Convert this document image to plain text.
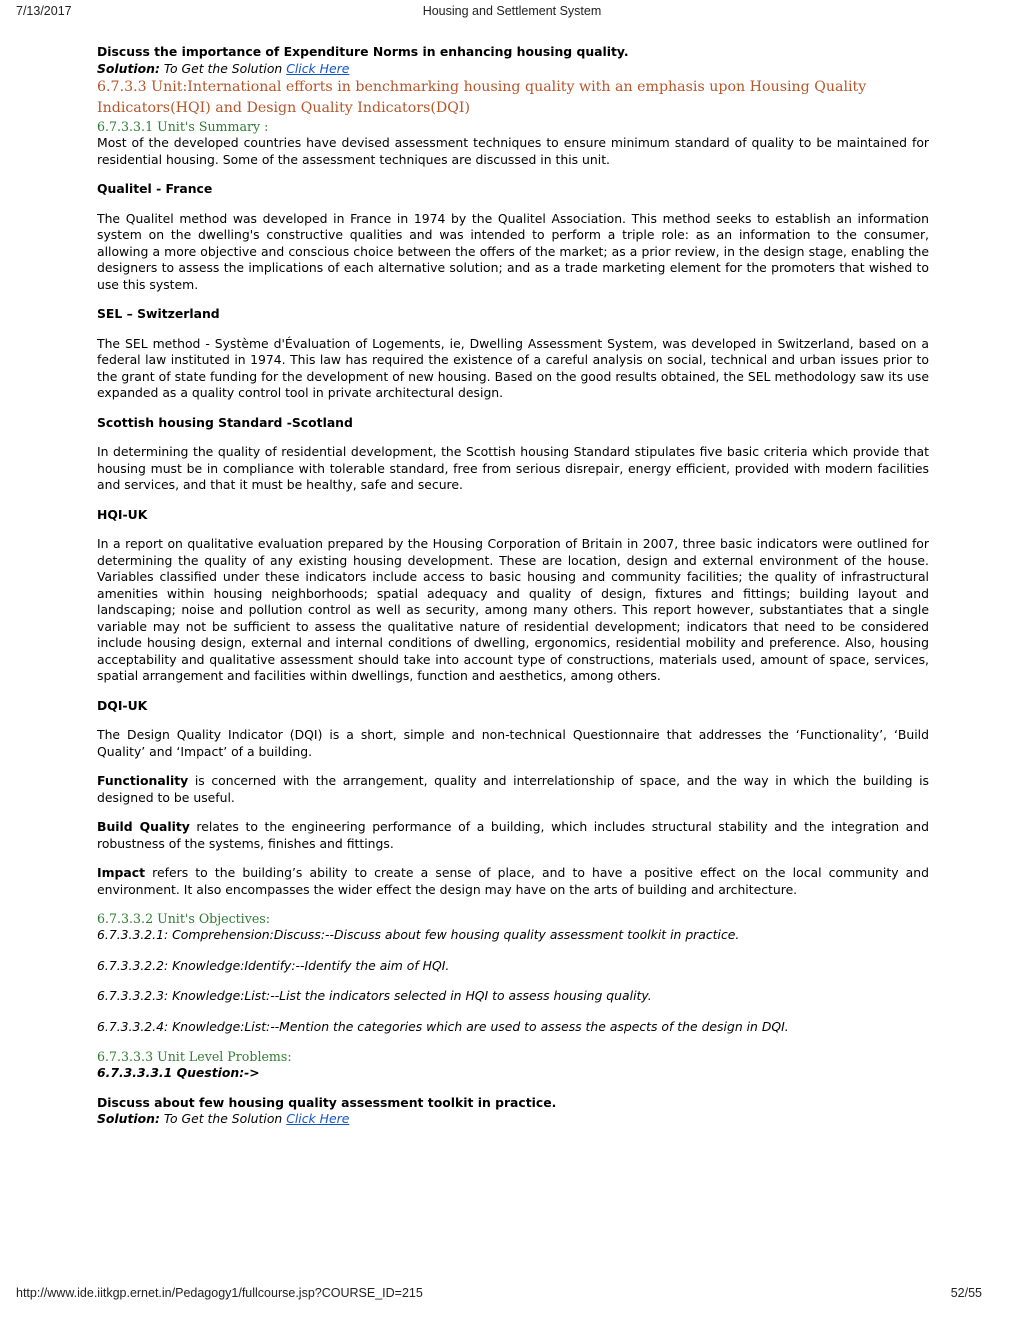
7/13/2017	Housing and Settlement System

Discuss the importance of Expenditure Norms in enhancing housing quality.

Solution: To Get the Solution Click Here

6.7.3.3 Unit:International efforts in benchmarking housing quality with an emphasis upon Housing Quality Indicators(HQI) and Design Quality Indicators(DQI)

6.7.3.3.1 Unit's Summary :

Most of the developed countries have devised assessment techniques to ensure minimum standard of quality to be maintained for residential housing. Some of the assessment techniques are discussed in this unit.

Qualitel - France

The Qualitel method was developed in France in 1974 by the Qualitel Association. This method seeks to establish an information system on the dwelling's constructive qualities and was intended to perform a triple role: as an information to the consumer, allowing a more objective and conscious choice between the offers of the market; as a prior review, in the design stage, enabling the designers to assess the implications of each alternative solution; and as a trade marketing element for the promoters that wished to use this system.

SEL – Switzerland

The SEL method - Système d'Évaluation of Logements, ie, Dwelling Assessment System, was developed in Switzerland, based on a federal law instituted in 1974. This law has required the existence of a careful analysis on social, technical and urban issues prior to the grant of state funding for the development of new housing. Based on the good results obtained, the SEL methodology saw its use expanded as a quality control tool in private architectural design.

Scottish housing Standard -Scotland

In determining the quality of residential development, the Scottish housing Standard stipulates five basic criteria which provide that housing must be in compliance with tolerable standard, free from serious disrepair, energy efficient, provided with modern facilities and services, and that it must be healthy, safe and secure.

HQI-UK

In a report on qualitative evaluation prepared by the Housing Corporation of Britain in 2007, three basic indicators were outlined for determining the quality of any existing housing development. These are location, design and external environment of the house. Variables classified under these indicators include access to basic housing and community facilities; the quality of infrastructural amenities within housing neighborhoods; spatial adequacy and quality of design, fixtures and fittings; building layout and landscaping; noise and pollution control as well as security, among many others. This report however, substantiates that a single variable may not be sufficient to assess the qualitative nature of residential development; indicators that need to be considered include housing design, external and internal conditions of dwelling, ergonomics, residential mobility and preference. Also, housing acceptability and qualitative assessment should take into account type of constructions, materials used, amount of space, services, spatial arrangement and facilities within dwellings, function and aesthetics, among others.

DQI-UK

The Design Quality Indicator (DQI) is a short, simple and non-technical Questionnaire that addresses the ‘Functionality’, ‘Build Quality’ and ‘Impact’ of a building.

Functionality is concerned with the arrangement, quality and interrelationship of space, and the way in which the building is designed to be useful.

Build Quality relates to the engineering performance of a building, which includes structural stability and the integration and robustness of the systems, finishes and fittings.

Impact refers to the building’s ability to create a sense of place, and to have a positive effect on the local community and environment. It also encompasses the wider effect the design may have on the arts of building and architecture.

6.7.3.3.2 Unit's Objectives:

6.7.3.3.2.1: Comprehension:Discuss:--Discuss about few housing quality assessment toolkit in practice.

6.7.3.3.2.2: Knowledge:Identify:--Identify the aim of HQI.

6.7.3.3.2.3: Knowledge:List:--List the indicators selected in HQI to assess housing quality.

6.7.3.3.2.4: Knowledge:List:--Mention the categories which are used to assess the aspects of the design in DQI.

6.7.3.3.3 Unit Level Problems:

6.7.3.3.3.1 Question:->

Discuss about few housing quality assessment toolkit in practice.

Solution: To Get the Solution Click Here

http://www.ide.iitkgp.ernet.in/Pedagogy1/fullcourse.jsp?COURSE_ID=215	52/55
